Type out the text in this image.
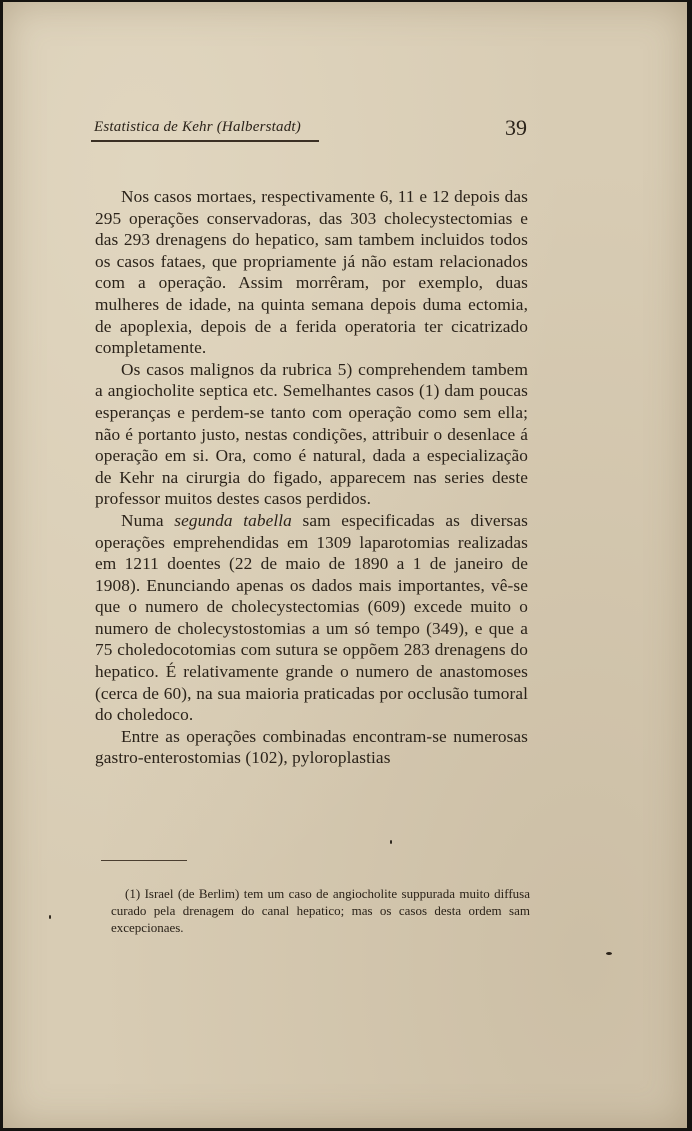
Estatistica de Kehr (Halberstadt)	39

Nos casos mortaes, respectivamente 6, 11 e 12 depois das 295 operações conservadoras, das 303 cholecystectomias e das 293 drenagens do hepatico, sam tambem incluidos todos os casos fataes, que propriamente já não estam relacionados com a operação. Assim morrêram, por exemplo, duas mulheres de idade, na quinta semana depois duma ectomia, de apoplexia, depois de a ferida operatoria ter cicatrizado completamente.

Os casos malignos da rubrica 5) comprehendem tambem a angiocholite septica etc. Semelhantes casos (1) dam poucas esperanças e perdem-se tanto com operação como sem ella; não é portanto justo, nestas condições, attribuir o desenlace á operação em si. Ora, como é natural, dada a especialização de Kehr na cirurgia do figado, apparecem nas series deste professor muitos destes casos perdidos.

Numa segunda tabella sam especificadas as diversas operações emprehendidas em 1309 laparotomias realizadas em 1211 doentes (22 de maio de 1890 a 1 de janeiro de 1908). Enunciando apenas os dados mais importantes, vê-se que o numero de cholecystectomias (609) excede muito o numero de cholecystostomias a um só tempo (349), e que a 75 choledocotomias com sutura se oppõem 283 drenagens do hepatico. É relativamente grande o numero de anastomoses (cerca de 60), na sua maioria praticadas por occlusão tumoral do choledoco.

Entre as operações combinadas encontram-se numerosas gastro-enterostomias (102), pyloroplastias

(1) Israel (de Berlim) tem um caso de angiocholite suppurada muito diffusa curado pela drenagem do canal hepatico; mas os casos desta ordem sam excepcionaes.
